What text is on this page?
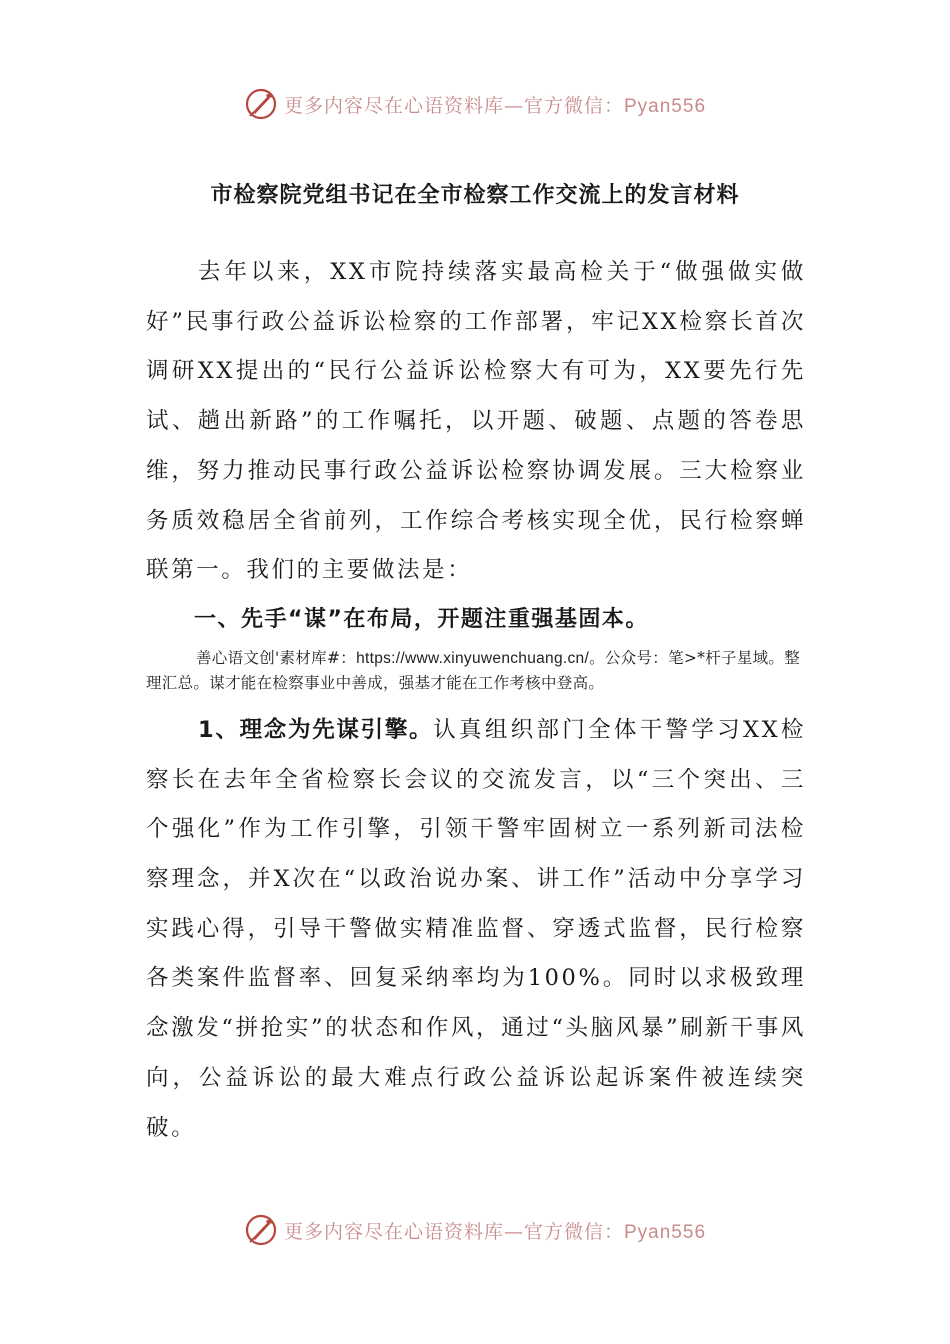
更多内容尽在心语资料库—官方微信：Pyan556
市检察院党组书记在全市检察工作交流上的发言材料

去年以来，XX市院持续落实最高检关于“做强做实做好”民事行政公益诉讼检察的工作部署，牢记XX检察长首次调研XX提出的“民行公益诉讼检察大有可为，XX要先行先试、趟出新路”的工作嘱托，以开题、破题、点题的答卷思维，努力推动民事行政公益诉讼检察协调发展。三大检察业务质效稳居全省前列，工作综合考核实现全优，民行检察蝉联第一。我们的主要做法是：

一、先手“谋”在布局，开题注重强基固本。

善心语文创'素材库#：https://www.xinyuwenchuang.cn/。公众号：笔>*杆子星域。整理汇总。谋才能在检察事业中善成，强基才能在工作考核中登高。

1、理念为先谋引擎。认真组织部门全体干警学习XX检察长在去年全省检察长会议的交流发言，以“三个突出、三个强化”作为工作引擎，引领干警牢固树立一系列新司法检察理念，并X次在“以政治说办案、讲工作”活动中分享学习实践心得，引导干警做实精准监督、穿透式监督，民行检察各类案件监督率、回复采纳率均为100%。同时以求极致理念激发“拼抢实”的状态和作风，通过“头脑风暴”刷新干事风向，公益诉讼的最大难点行政公益诉讼起诉案件被连续突破。

更多内容尽在心语资料库—官方微信：Pyan556
